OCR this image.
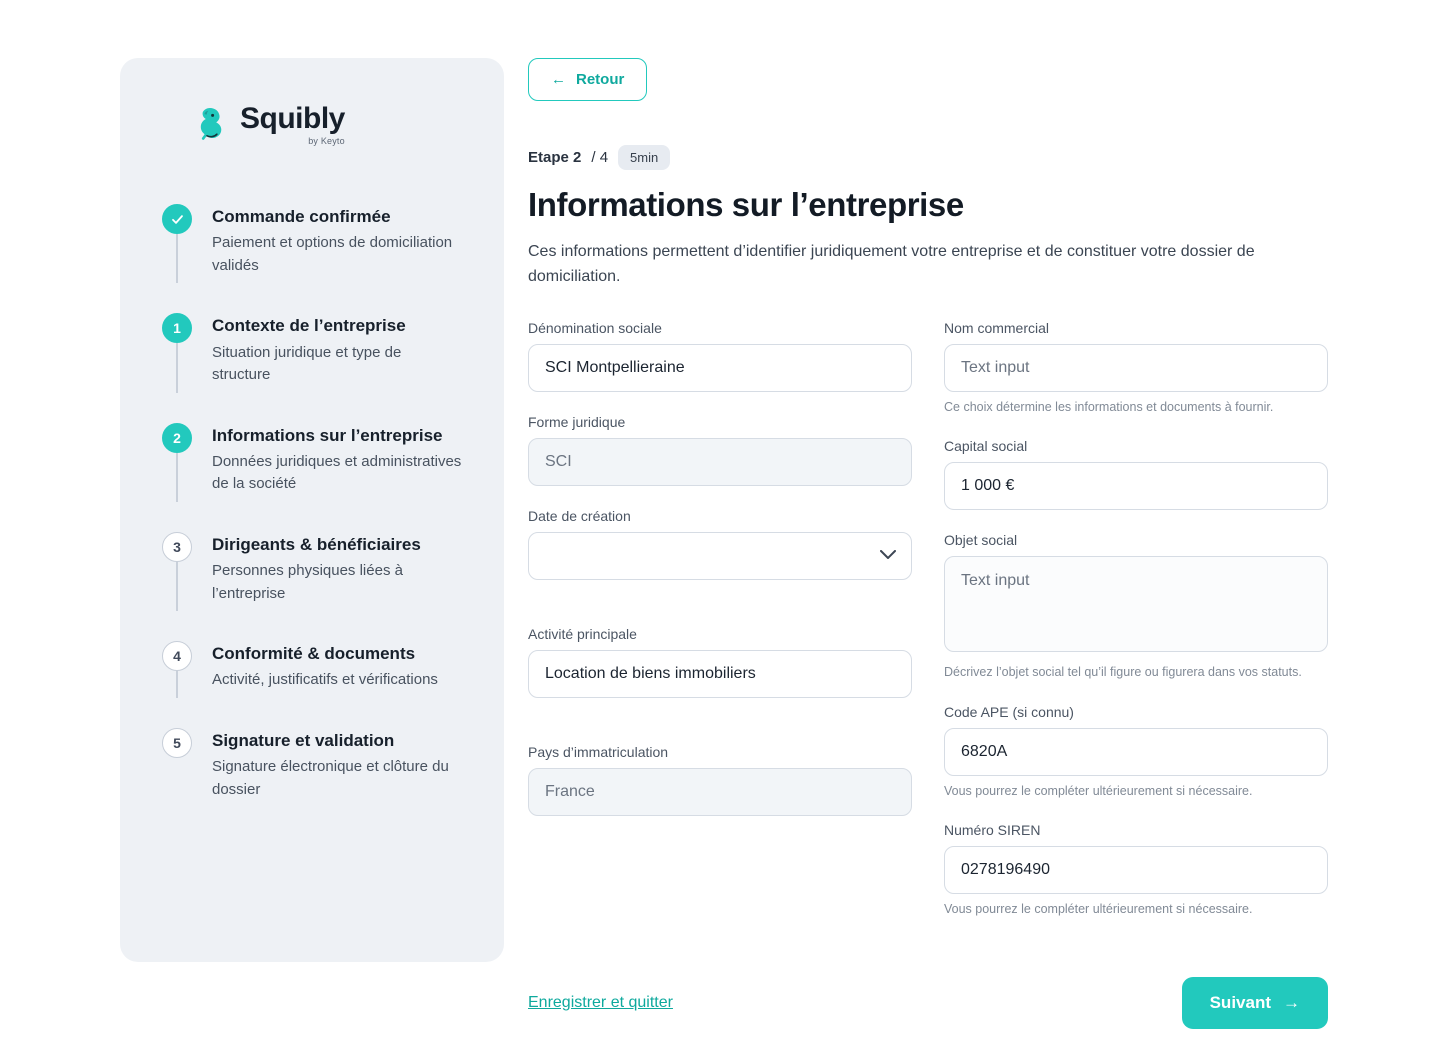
Squibly
by Keyto
Commande confirmée
Paiement et options de domiciliation validés
1	Contexte de l’entreprise
Situation juridique et type de structure
2	Informations sur l’entreprise
Données juridiques et administratives de la société
3	Dirigeants & bénéficiaires
Personnes physiques liées à l’entreprise
4	Conformité & documents
Activité, justificatifs et vérifications
5	Signature et validation
Signature électronique et clôture du dossier
← Retour
Etape 2 / 4	5min
Informations sur l’entreprise

Ces informations permettent d’identifier juridiquement votre entreprise et de constituer votre dossier de domiciliation.

Dénomination sociale
SCI Montpellieraine
Forme juridique
SCI
Date de création
Activité principale
Location de biens immobiliers
Pays d’immatriculation
France
Nom commercial
Text input
Ce choix détermine les informations et documents à fournir.
Capital social
1 000 €
Objet social
Text input
Décrivez l’objet social tel qu’il figure ou figurera dans vos statuts.
Code APE (si connu)
6820A
Vous pourrez le compléter ultérieurement si nécessaire.
Numéro SIREN
0278196490
Vous pourrez le compléter ultérieurement si nécessaire.
Enregistrer et quitter	Suivant →
